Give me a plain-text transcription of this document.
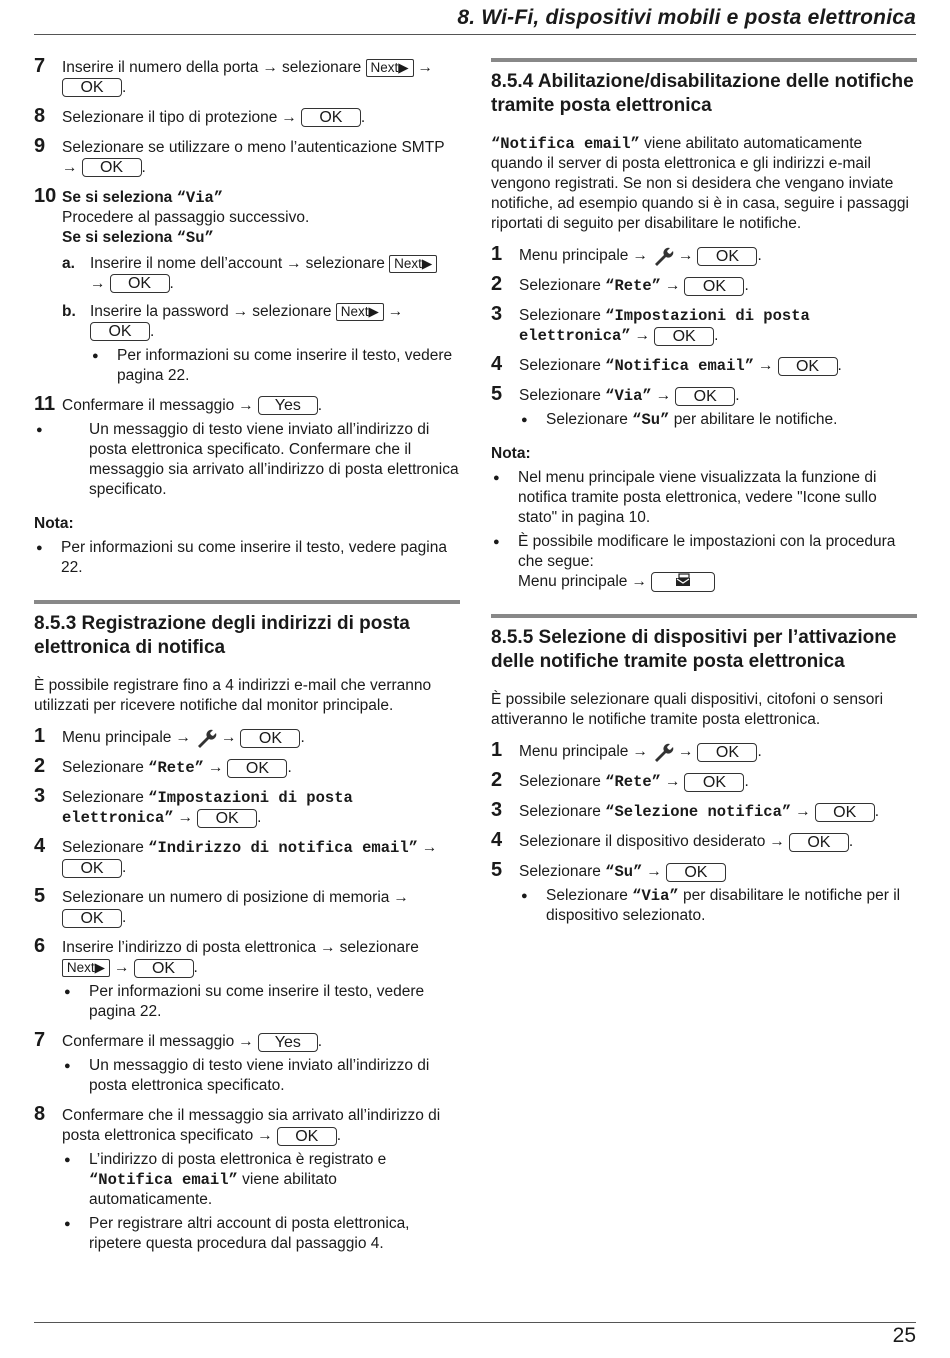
8. Wi-Fi, dispositivi mobili e posta elettronica
7 Inserire il numero della porta → selezionare Next▶ →
OK .
8 Selezionare il tipo di protezione → OK .
9 Selezionare se utilizzare o meno l’autenticazione SMTP
→ OK .
10 Se si seleziona “Via”
Procedere al passaggio successivo.
Se si seleziona “Su”
a. Inserire il nome dell’account → selezionare Next▶
→ OK .
b. Inserire la password → selezionare Next▶ →
OK .
● Per informazioni su come inserire il testo, vedere pagina 22.
11 Confermare il messaggio → Yes .
● Un messaggio di testo viene inviato all’indirizzo di posta elettronica specificato. Confermare che il messaggio sia arrivato all’indirizzo di posta elettronica specificato.
Nota:
● Per informazioni su come inserire il testo, vedere pagina 22.
8.5.3 Registrazione degli indirizzi di posta elettronica di notifica
È possibile registrare fino a 4 indirizzi e-mail che verranno utilizzati per ricevere notifiche dal monitor principale.
1 Menu principale → → OK .
2 Selezionare “Rete” → OK .
3 Selezionare “Impostazioni di posta elettronica” → OK .
4 Selezionare “Indirizzo di notifica email” →
OK .
5 Selezionare un numero di posizione di memoria →
OK .
6 Inserire l’indirizzo di posta elettronica → selezionare
Next▶ → OK .
● Per informazioni su come inserire il testo, vedere pagina 22.
7 Confermare il messaggio → Yes .
● Un messaggio di testo viene inviato all’indirizzo di posta elettronica specificato.
8 Confermare che il messaggio sia arrivato all’indirizzo di posta elettronica specificato → OK .
● L’indirizzo di posta elettronica è registrato e
“Notifica email” viene abilitato automaticamente.
● Per registrare altri account di posta elettronica, ripetere questa procedura dal passaggio 4.
8.5.4 Abilitazione/disabilitazione delle notifiche tramite posta elettronica
“Notifica email” viene abilitato automaticamente quando il server di posta elettronica e gli indirizzi e-mail vengono registrati. Se non si desidera che vengano inviate notifiche, ad esempio quando si è in casa, seguire i passaggi riportati di seguito per disabilitare le notifiche.
1 Menu principale → → OK .
2 Selezionare “Rete” → OK .
3 Selezionare “Impostazioni di posta elettronica” → OK .
4 Selezionare “Notifica email” → OK .
5 Selezionare “Via” → OK .
● Selezionare “Su” per abilitare le notifiche.
Nota:
● Nel menu principale viene visualizzata la funzione di notifica tramite posta elettronica, vedere "Icone sullo stato" in pagina 10.
● È possibile modificare le impostazioni con la procedura che segue:
Menu principale →
8.5.5 Selezione di dispositivi per l’attivazione delle notifiche tramite posta elettronica
È possibile selezionare quali dispositivi, citofoni o sensori attiveranno le notifiche tramite posta elettronica.
1 Menu principale → → OK .
2 Selezionare “Rete” → OK .
3 Selezionare “Selezione notifica” → OK .
4 Selezionare il dispositivo desiderato → OK .
5 Selezionare “Su” → OK
● Selezionare “Via” per disabilitare le notifiche per il dispositivo selezionato.
25
